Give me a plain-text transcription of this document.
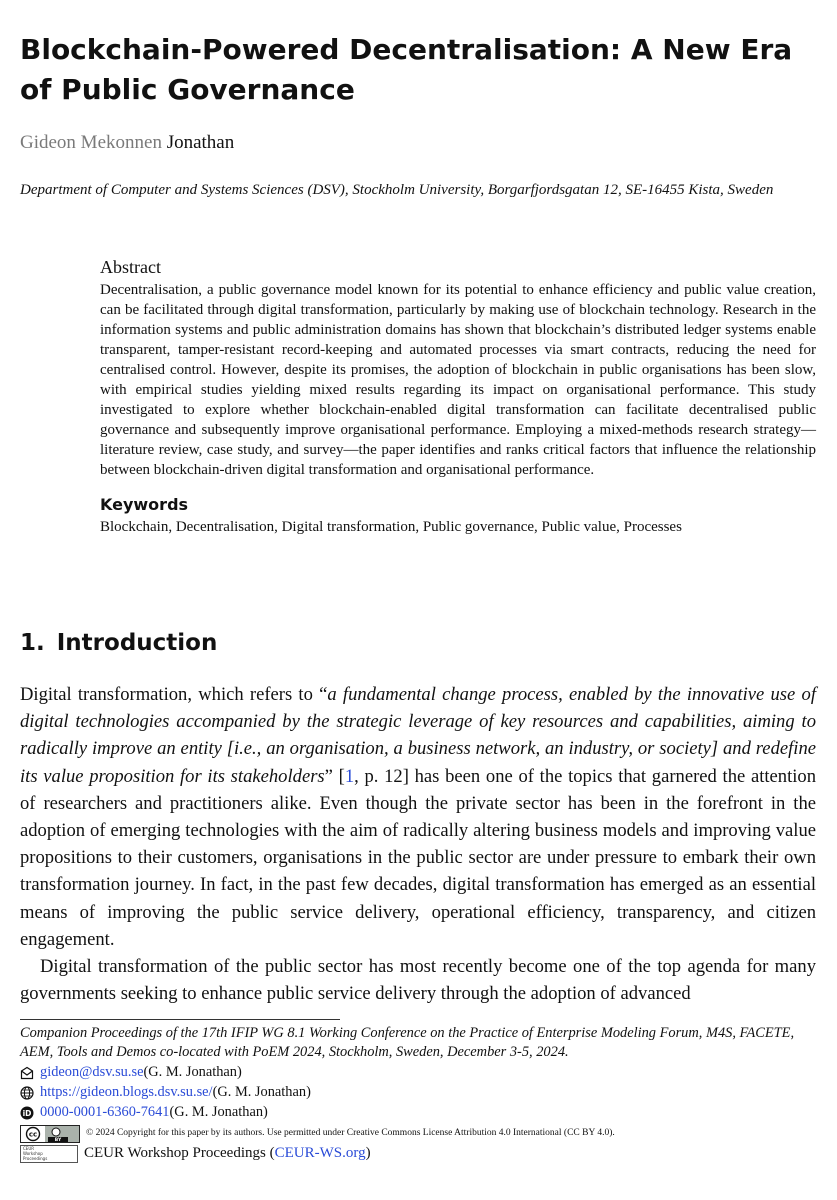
Blockchain-Powered Decentralisation: A New Era of Public Governance
Gideon Mekonnen Jonathan
Department of Computer and Systems Sciences (DSV), Stockholm University, Borgarfjordsgatan 12, SE-16455 Kista, Sweden
Abstract
Decentralisation, a public governance model known for its potential to enhance efficiency and public value creation, can be facilitated through digital transformation, particularly by making use of blockchain technology. Research in the information systems and public administration domains has shown that blockchain’s distributed ledger systems enable transparent, tamper-resistant record-keeping and automated processes via smart contracts, reducing the need for centralised control. However, despite its promises, the adoption of blockchain in public organisations has been slow, with empirical studies yielding mixed results regarding its impact on organisational performance. This study investigated to explore whether blockchain-enabled digital transformation can facilitate decentralised public governance and subsequently improve organisational performance. Employing a mixed-methods research strategy—literature review, case study, and survey—the paper identifies and ranks critical factors that influence the relationship between blockchain-driven digital transformation and organisational performance.
Keywords
Blockchain, Decentralisation, Digital transformation, Public governance, Public value, Processes
1. Introduction

Digital transformation, which refers to “a fundamental change process, enabled by the innovative use of digital technologies accompanied by the strategic leverage of key resources and capabilities, aiming to radically improve an entity [i.e., an organisation, a business network, an industry, or society] and redefine its value proposition for its stakeholders” [1, p. 12] has been one of the topics that garnered the attention of researchers and practitioners alike. Even though the private sector has been in the forefront in the adoption of emerging technologies with the aim of radically altering business models and improving value propositions to their customers, organisations in the public sector are under pressure to embark their own transformation journey. In fact, in the past few decades, digital transformation has emerged as an essential means of improving the public service delivery, operational efficiency, transparency, and citizen engagement.

Digital transformation of the public sector has most recently become one of the top agenda for many governments seeking to enhance public service delivery through the adoption of advanced

Companion Proceedings of the 17th IFIP WG 8.1 Working Conference on the Practice of Enterprise Modeling Forum, M4S, FACETE, AEM, Tools and Demos co-located with PoEM 2024, Stockholm, Sweden, December 3-5, 2024.

gideon@dsv.su.se (G. M. Jonathan)
https://gideon.blogs.dsv.su.se/ (G. M. Jonathan)
iD 0000-0001-6360-7641 (G. M. Jonathan)
cc
BY
© 2024 Copyright for this paper by its authors. Use permitted under Creative Commons License Attribution 4.0 International (CC BY 4.0).
CEUR
Workshop
Proceedings	CEUR Workshop Proceedings ( CEUR-WS.org )
